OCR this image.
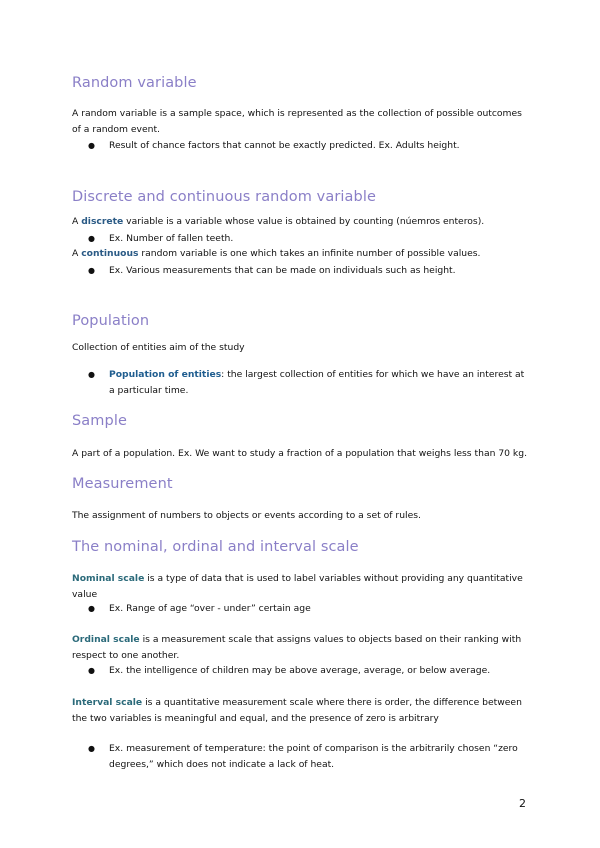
Random variable

A random variable is a sample space, which is represented as the collection of possible outcomes of a random event.

● Result of chance factors that cannot be exactly predicted. Ex. Adults height.
Discrete and continuous random variable

A discrete variable is a variable whose value is obtained by counting (núemros enteros).

● Ex. Number of fallen teeth.

A continuous random variable is one which takes an infinite number of possible values.

● Ex. Various measurements that can be made on individuals such as height.
Population

Collection of entities aim of the study

● Population of entities: the largest collection of entities for which we have an interest at a particular time.
Sample

A part of a population. Ex. We want to study a fraction of a population that weighs less than 70 kg.

Measurement

The assignment of numbers to objects or events according to a set of rules.

The nominal, ordinal and interval scale

Nominal scale is a type of data that is used to label variables without providing any quantitative value

● Ex. Range of age “over - under” certain age

Ordinal scale is a measurement scale that assigns values to objects based on their ranking with respect to one another.

● Ex. the intelligence of children may be above average, average, or below average.

Interval scale is a quantitative measurement scale where there is order, the difference between the two variables is meaningful and equal, and the presence of zero is arbitrary

● Ex. measurement of temperature: the point of comparison is the arbitrarily chosen “zero degrees,” which does not indicate a lack of heat.
2
